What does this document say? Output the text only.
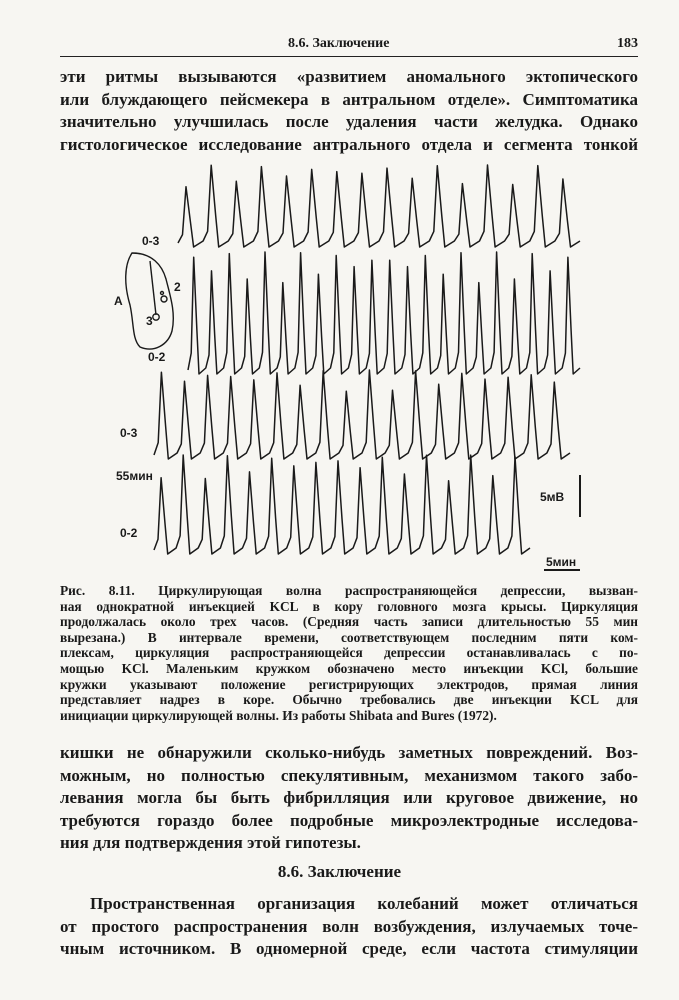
8.6. Заключение	183
эти ритмы вызываются «развитием аномального эктопического
или блуждающего пейсмекера в антральном отделе». Симптоматика
значительно улучшилась после удаления части желудка. Однако
гистологическое исследование антрального отдела и сегмента тонкой
0-3
0-2
0-3
0-2
55мин
A
2
3
5мВ
5мин
Рис. 8.11. Циркулирующая волна распространяющейся депрессии, вызван-
ная однократной инъекцией KCL в кору головного мозга крысы. Циркуляция
продолжалась около трех часов. (Средняя часть записи длительностью 55 мин
вырезана.) В интервале времени, соответствующем последним пяти ком-
плексам, циркуляция распространяющейся депрессии останавливалась с по-
мощью KCl. Маленьким кружком обозначено место инъекции KCl, большие
кружки указывают положение регистрирующих электродов, прямая линия
представляет надрез в коре. Обычно требовались две инъекции KCL для
инициации циркулирующей волны. Из работы Shibata and Bures (1972).
кишки не обнаружили сколько-нибудь заметных повреждений. Воз-
можным, но полностью спекулятивным, механизмом такого забо-
левания могла бы быть фибрилляция или круговое движение, но
требуются гораздо более подробные микроэлектродные исследова-
ния для подтверждения этой гипотезы.
8.6. Заключение
Пространственная организация колебаний может отличаться
от простого распространения волн возбуждения, излучаемых точе-
чным источником. В одномерной среде, если частота стимуляции
